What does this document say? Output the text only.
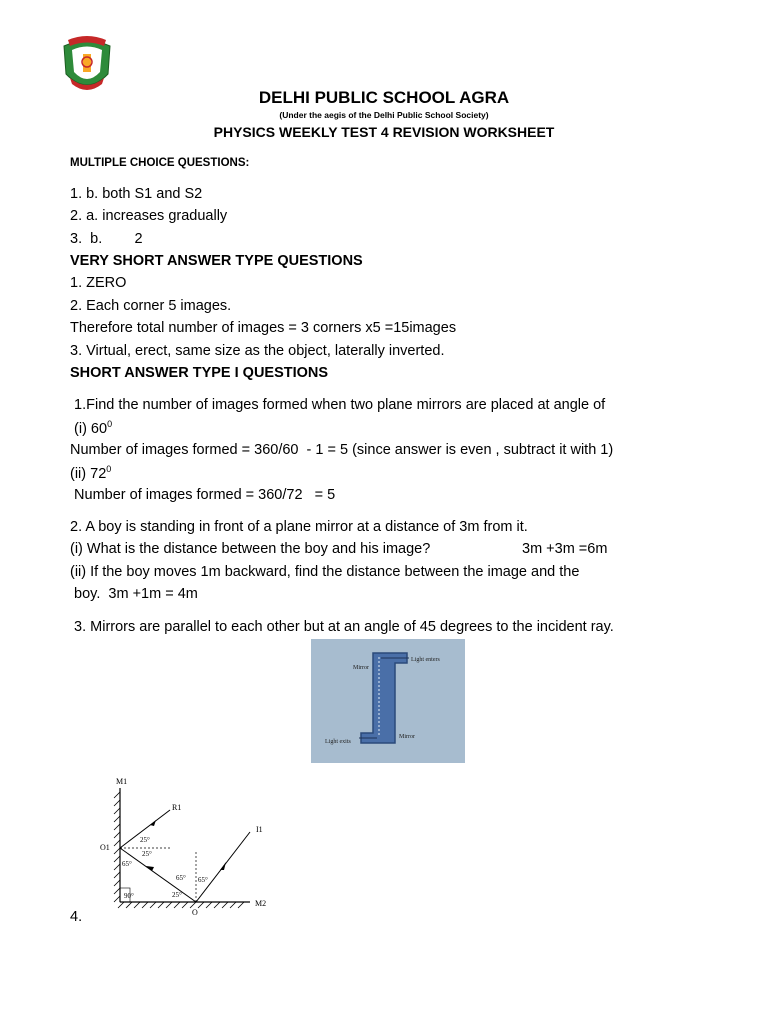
DELHI PUBLIC SCHOOL AGRA
(Under the aegis of the Delhi Public School Society)
PHYSICS WEEKLY TEST 4 REVISION WORKSHEET
MULTIPLE CHOICE QUESTIONS:
1. b. both S1 and S2
2. a. increases gradually
3.  b.        2
VERY SHORT ANSWER TYPE QUESTIONS
1. ZERO
2. Each corner 5 images.
Therefore total number of images = 3 corners x5 =15images
3. Virtual, erect, same size as the object, laterally inverted.
SHORT ANSWER TYPE I QUESTIONS
1.Find the number of images formed when two plane mirrors are placed at angle of
(i) $60^0$
Number of images formed = 360/60  - 1 = 5 (since answer is even , subtract it with 1)
(ii) $72^0$
Number of images formed = 360/72   = 5
2. A boy is standing in front of a plane mirror at a distance of 3m from it.
(i) What is the distance between the boy and his image?	3m +3m =6m
(ii) If the boy moves 1m backward, find the distance between the image and the
boy.  3m +1m = 4m
3. Mirrors are parallel to each other but at an angle of 45 degrees to the incident ray.
Light enters
Mirror
Mirror
Light exits
M1
R1
I1
O1
O
M2
25°
25°
65°
65° 65°
25°
90°
4.
